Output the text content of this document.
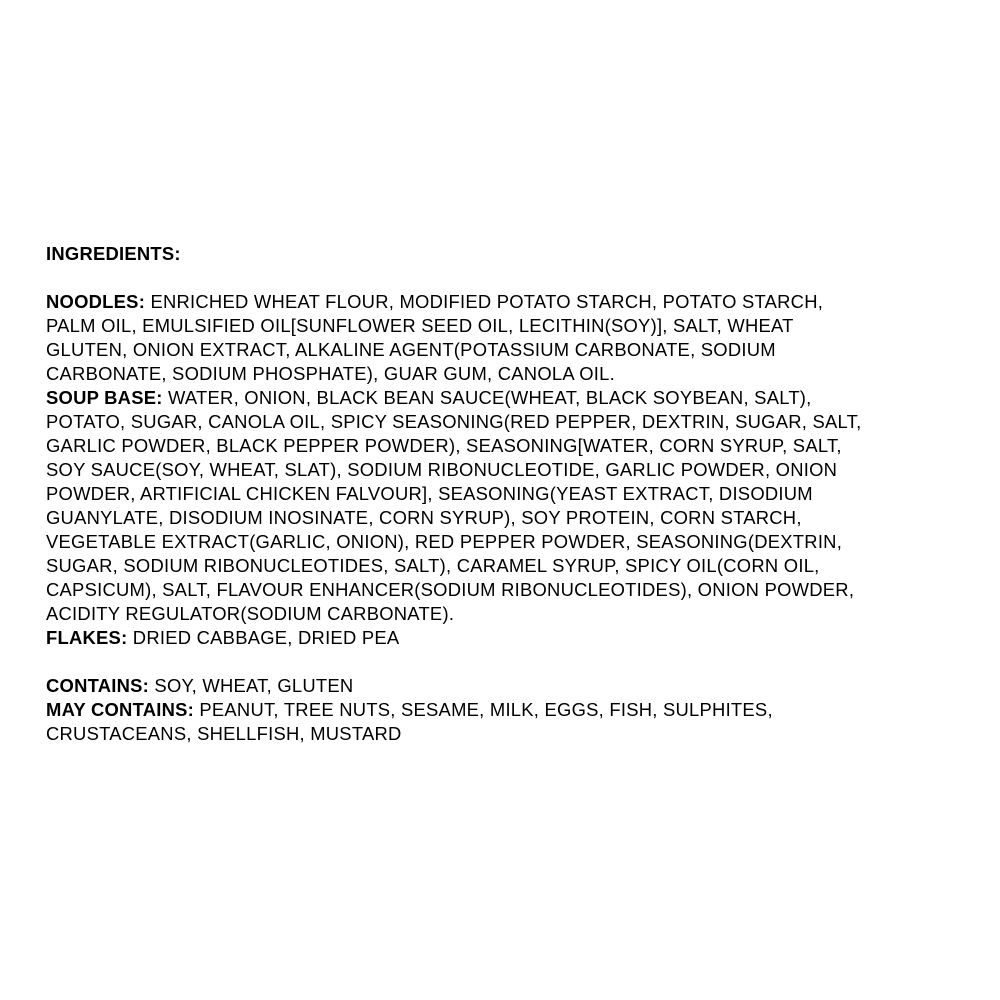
INGREDIENTS:
NOODLES: ENRICHED WHEAT FLOUR, MODIFIED POTATO STARCH, POTATO STARCH,
PALM OIL, EMULSIFIED OIL[SUNFLOWER SEED OIL, LECITHIN(SOY)], SALT, WHEAT
GLUTEN, ONION EXTRACT, ALKALINE AGENT(POTASSIUM CARBONATE, SODIUM
CARBONATE, SODIUM PHOSPHATE), GUAR GUM, CANOLA OIL.
SOUP BASE: WATER, ONION, BLACK BEAN SAUCE(WHEAT, BLACK SOYBEAN, SALT),
POTATO, SUGAR, CANOLA OIL, SPICY SEASONING(RED PEPPER, DEXTRIN, SUGAR, SALT,
GARLIC POWDER, BLACK PEPPER POWDER), SEASONING[WATER, CORN SYRUP, SALT,
SOY SAUCE(SOY, WHEAT, SLAT), SODIUM RIBONUCLEOTIDE, GARLIC POWDER, ONION
POWDER, ARTIFICIAL CHICKEN FALVOUR], SEASONING(YEAST EXTRACT, DISODIUM
GUANYLATE, DISODIUM INOSINATE, CORN SYRUP), SOY PROTEIN, CORN STARCH,
VEGETABLE EXTRACT(GARLIC, ONION), RED PEPPER POWDER, SEASONING(DEXTRIN,
SUGAR, SODIUM RIBONUCLEOTIDES, SALT), CARAMEL SYRUP, SPICY OIL(CORN OIL,
CAPSICUM), SALT, FLAVOUR ENHANCER(SODIUM RIBONUCLEOTIDES), ONION POWDER,
ACIDITY REGULATOR(SODIUM CARBONATE).
FLAKES: DRIED CABBAGE, DRIED PEA
CONTAINS: SOY, WHEAT, GLUTEN
MAY CONTAINS: PEANUT, TREE NUTS, SESAME, MILK, EGGS, FISH, SULPHITES,
CRUSTACEANS, SHELLFISH, MUSTARD
